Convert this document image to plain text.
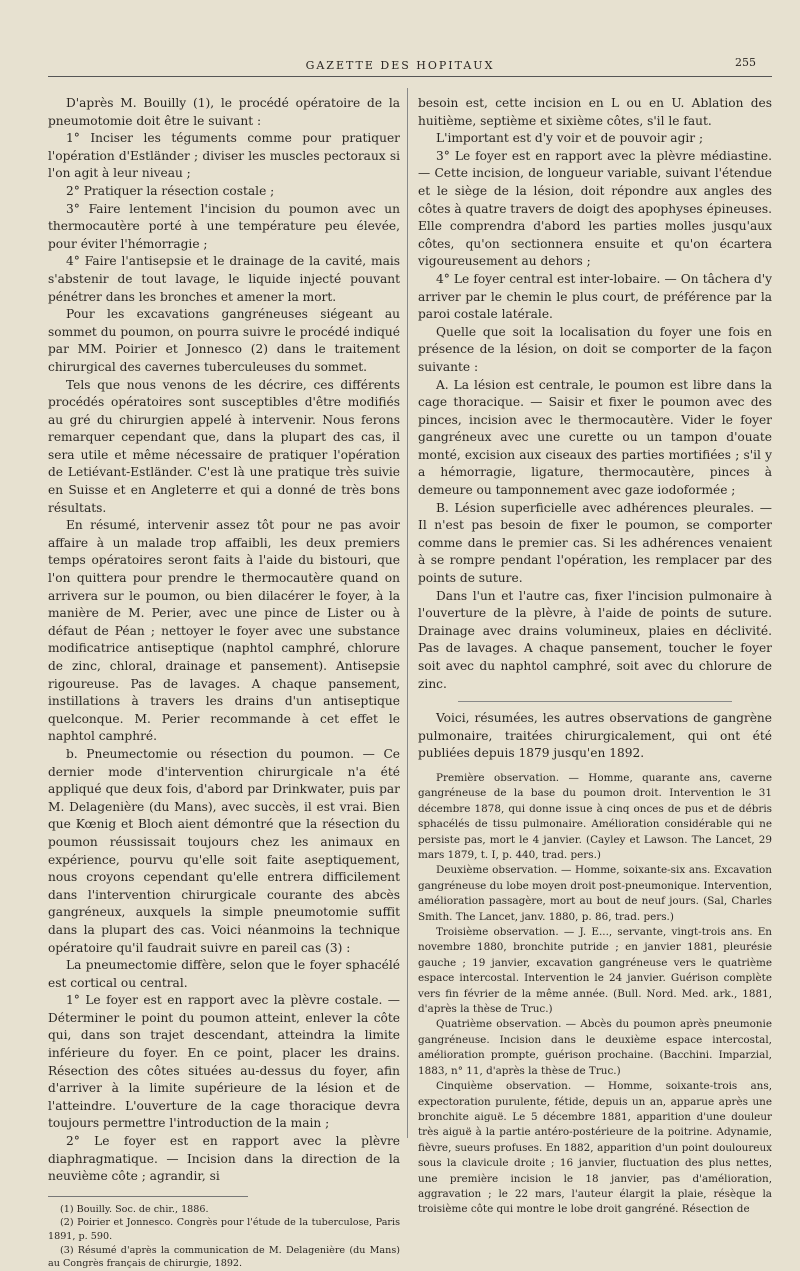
GAZETTE DES HOPITAUX	255

D'après M. Bouilly (1), le procédé opératoire de la pneumotomie doit être le suivant :

1° Inciser les téguments comme pour pratiquer l'opération d'Estländer ; diviser les muscles pectoraux si l'on agit à leur niveau ;

2° Pratiquer la résection costale ;

3° Faire lentement l'incision du poumon avec un thermocautère porté à une température peu élevée, pour éviter l'hémorragie ;

4° Faire l'antisepsie et le drainage de la cavité, mais s'abstenir de tout lavage, le liquide injecté pouvant pénétrer dans les bronches et amener la mort.

Pour les excavations gangréneuses siégeant au sommet du poumon, on pourra suivre le procédé indiqué par MM. Poirier et Jonnesco (2) dans le traitement chirurgical des cavernes tuberculeuses du sommet.

Tels que nous venons de les décrire, ces différents procédés opératoires sont susceptibles d'être modifiés au gré du chirurgien appelé à intervenir. Nous ferons remarquer cependant que, dans la plupart des cas, il sera utile et même nécessaire de pratiquer l'opération de Letiévant-Estländer. C'est là une pratique très suivie en Suisse et en Angleterre et qui a donné de très bons résultats.

En résumé, intervenir assez tôt pour ne pas avoir affaire à un malade trop affaibli, les deux premiers temps opératoires seront faits à l'aide du bistouri, que l'on quittera pour prendre le thermocautère quand on arrivera sur le poumon, ou bien dilacérer le foyer, à la manière de M. Perier, avec une pince de Lister ou à défaut de Péan ; nettoyer le foyer avec une substance modificatrice antiseptique (naphtol camphré, chlorure de zinc, chloral, drainage et pansement). Antisepsie rigoureuse. Pas de lavages. A chaque pansement, instillations à travers les drains d'un antiseptique quelconque. M. Perier recommande à cet effet le naphtol camphré.

b. Pneumectomie ou résection du poumon. — Ce dernier mode d'intervention chirurgicale n'a été appliqué que deux fois, d'abord par Drinkwater, puis par M. Delagenière (du Mans), avec succès, il est vrai. Bien que Kœnig et Bloch aient démontré que la résection du poumon réussissait toujours chez les animaux en expérience, pourvu qu'elle soit faite aseptiquement, nous croyons cependant qu'elle entrera difficilement dans l'intervention chirurgicale courante des abcès gangréneux, auxquels la simple pneumotomie suffit dans la plupart des cas. Voici néanmoins la technique opératoire qu'il faudrait suivre en pareil cas (3) :

La pneumectomie diffère, selon que le foyer sphacélé est cortical ou central.

1° Le foyer est en rapport avec la plèvre costale. — Déterminer le point du poumon atteint, enlever la côte qui, dans son trajet descendant, atteindra la limite inférieure du foyer. En ce point, placer les drains. Résection des côtes situées au-dessus du foyer, afin d'arriver à la limite supérieure de la lésion et de l'atteindre. L'ouverture de la cage thoracique devra toujours permettre l'introduction de la main ;

2° Le foyer est en rapport avec la plèvre diaphragmatique. — Incision dans la direction de la neuvième côte ; agrandir, si

(1) Bouilly. Soc. de chir., 1886.

(2) Poirier et Jonnesco. Congrès pour l'étude de la tuberculose, Paris 1891, p. 590.

(3) Résumé d'après la communication de M. Delagenière (du Mans) au Congrès français de chirurgie, 1892.

besoin est, cette incision en L ou en U. Ablation des huitième, septième et sixième côtes, s'il le faut.

L'important est d'y voir et de pouvoir agir ;

3° Le foyer est en rapport avec la plèvre médiastine. — Cette incision, de longueur variable, suivant l'étendue et le siège de la lésion, doit répondre aux angles des côtes à quatre travers de doigt des apophyses épineuses. Elle comprendra d'abord les parties molles jusqu'aux côtes, qu'on sectionnera ensuite et qu'on écartera vigoureusement au dehors ;

4° Le foyer central est inter-lobaire. — On tâchera d'y arriver par le chemin le plus court, de préférence par la paroi costale latérale.

Quelle que soit la localisation du foyer une fois en présence de la lésion, on doit se comporter de la façon suivante :

A. La lésion est centrale, le poumon est libre dans la cage thoracique. — Saisir et fixer le poumon avec des pinces, incision avec le thermocautère. Vider le foyer gangréneux avec une curette ou un tampon d'ouate monté, excision aux ciseaux des parties mortifiées ; s'il y a hémorragie, ligature, thermocautère, pinces à demeure ou tamponnement avec gaze iodoformée ;

B. Lésion superficielle avec adhérences pleurales. — Il n'est pas besoin de fixer le poumon, se comporter comme dans le premier cas. Si les adhérences venaient à se rompre pendant l'opération, les remplacer par des points de suture.

Dans l'un et l'autre cas, fixer l'incision pulmonaire à l'ouverture de la plèvre, à l'aide de points de suture. Drainage avec drains volumineux, plaies en déclivité. Pas de lavages. A chaque pansement, toucher le foyer soit avec du naphtol camphré, soit avec du chlorure de zinc.

Voici, résumées, les autres observations de gangrène pulmonaire, traitées chirurgicalement, qui ont été publiées depuis 1879 jusqu'en 1892.

Première observation. — Homme, quarante ans, caverne gangréneuse de la base du poumon droit. Intervention le 31 décembre 1878, qui donne issue à cinq onces de pus et de débris sphacélés de tissu pulmonaire. Amélioration considérable qui ne persiste pas, mort le 4 janvier. (Cayley et Lawson. The Lancet, 29 mars 1879, t. I, p. 440, trad. pers.)

Deuxième observation. — Homme, soixante-six ans. Excavation gangréneuse du lobe moyen droit post-pneumonique. Intervention, amélioration passagère, mort au bout de neuf jours. (Sal, Charles Smith. The Lancet, janv. 1880, p. 86, trad. pers.)

Troisième observation. — J. E..., servante, vingt-trois ans. En novembre 1880, bronchite putride ; en janvier 1881, pleurésie gauche ; 19 janvier, excavation gangréneuse vers le quatrième espace intercostal. Intervention le 24 janvier. Guérison complète vers fin février de la même année. (Bull. Nord. Med. ark., 1881, d'après la thèse de Truc.)

Quatrième observation. — Abcès du poumon après pneumonie gangréneuse. Incision dans le deuxième espace intercostal, amélioration prompte, guérison prochaine. (Bacchini. Imparzial, 1883, n° 11, d'après la thèse de Truc.)

Cinquième observation. — Homme, soixante-trois ans, expectoration purulente, fétide, depuis un an, apparue après une bronchite aiguë. Le 5 décembre 1881, apparition d'une douleur très aiguë à la partie antéro-postérieure de la poitrine. Adynamie, fièvre, sueurs profuses. En 1882, apparition d'un point douloureux sous la clavicule droite ; 16 janvier, fluctuation des plus nettes, une première incision le 18 janvier, pas d'amélioration, aggravation ; le 22 mars, l'auteur élargit la plaie, résèque la troisième côte qui montre le lobe droit gangréné. Résection de
